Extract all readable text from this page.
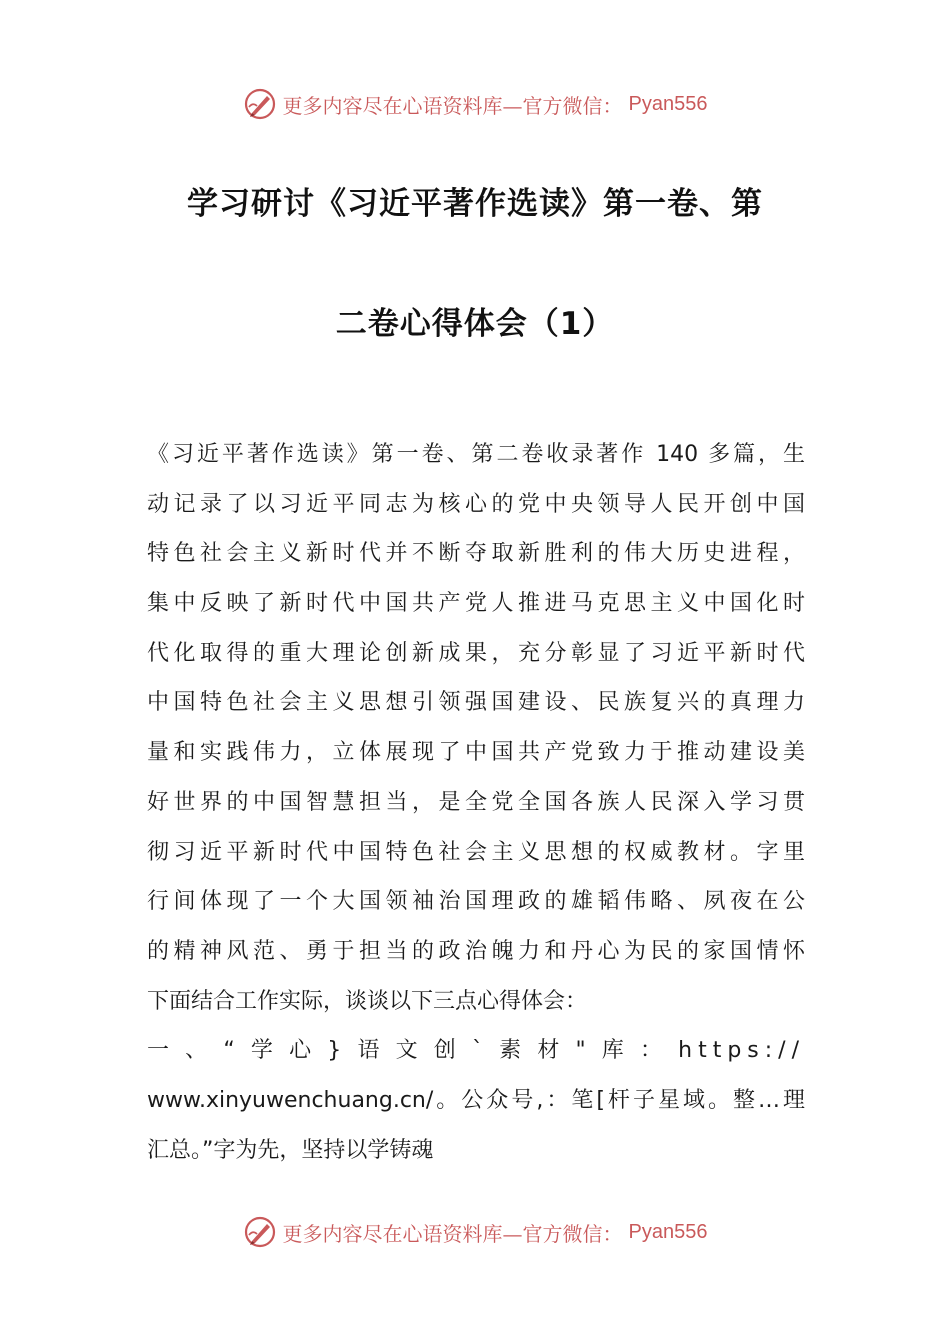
更多内容尽在心语资料库—官方微信： Pyan556
学习研讨《习近平著作选读》第一卷、第
二卷心得体会（1）
《习近平著作选读》第一卷、第二卷收录著作 140 多篇，生
动记录了以习近平同志为核心的党中央领导人民开创中国
特色社会主义新时代并不断夺取新胜利的伟大历史进程，
集中反映了新时代中国共产党人推进马克思主义中国化时
代化取得的重大理论创新成果，充分彰显了习近平新时代
中国特色社会主义思想引领强国建设、民族复兴的真理力
量和实践伟力，立体展现了中国共产党致力于推动建设美
好世界的中国智慧担当，是全党全国各族人民深入学习贯
彻习近平新时代中国特色社会主义思想的权威教材。字里
行间体现了一个大国领袖治国理政的雄韬伟略、夙夜在公
的精神风范、勇于担当的政治魄力和丹心为民的家国情怀
下面结合工作实际，谈谈以下三点心得体会：
一、“学心}语文创`素材"库：https://
www.xinyuwenchuang.cn/。公众号,：笔[杆子星域。整…理
汇总。”字为先，坚持以学铸魂
更多内容尽在心语资料库—官方微信： Pyan556
